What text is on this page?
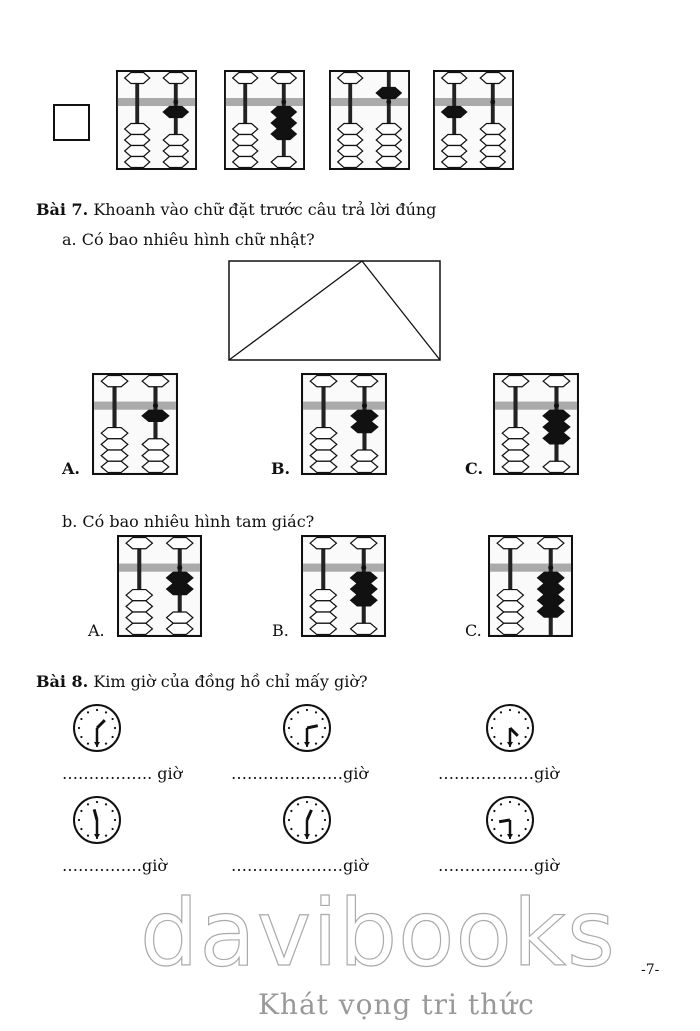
Bài 7. Khoanh vào chữ đặt trước câu trả lời đúng
a. Có bao nhiêu hình chữ nhật?
A.	B.	C.
b. Có bao nhiêu hình tam giác?
A.	B.	C.
Bài 8. Kim giờ của đồng hồ chỉ mấy giờ?
…………….. giờ	…………………giờ	………………giờ
……………giờ	…………………giờ	………………giờ
-7-
davibooks
Khát vọng tri thức
